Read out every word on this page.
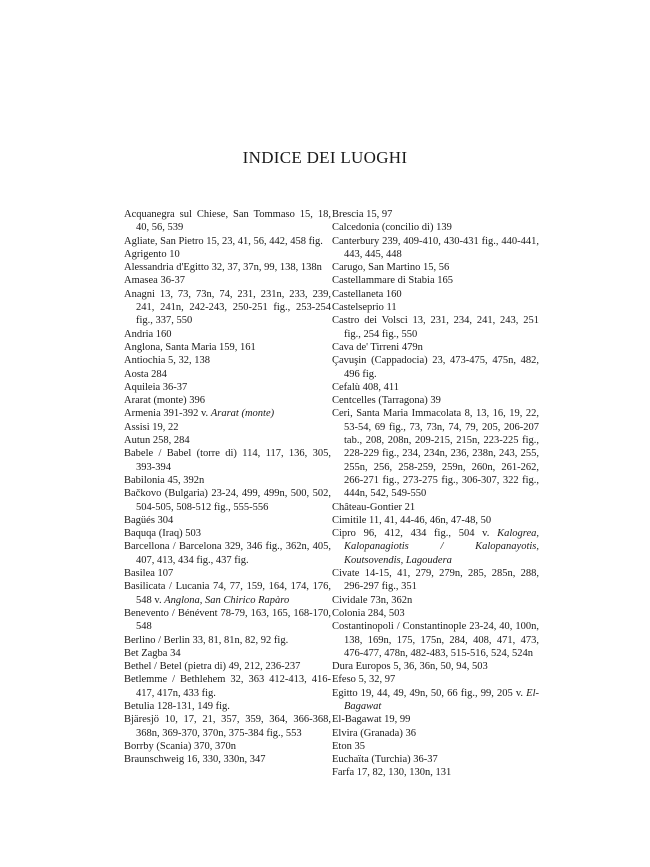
INDICE DEI LUOGHI
Acquanegra sul Chiese, San Tommaso 15, 18, 40, 56, 539
Agliate, San Pietro 15, 23, 41, 56, 442, 458 fig.
Agrigento 10
Alessandria d'Egitto 32, 37, 37n, 99, 138, 138n
Amasea 36-37
Anagni 13, 73, 73n, 74, 231, 231n, 233, 239, 241, 241n, 242-243, 250-251 fig., 253-254 fig., 337, 550
Andria 160
Anglona, Santa Maria 159, 161
Antiochia 5, 32, 138
Aosta 284
Aquileia 36-37
Ararat (monte) 396
Armenia 391-392 v. Ararat (monte)
Assisi 19, 22
Autun 258, 284
Babele / Babel (torre di) 114, 117, 136, 305, 393-394
Babilonia 45, 392n
Bačkovo (Bulgaria) 23-24, 499, 499n, 500, 502, 504-505, 508-512 fig., 555-556
Bagüés 304
Baquqa (Iraq) 503
Barcellona / Barcelona 329, 346 fig., 362n, 405, 407, 413, 434 fig., 437 fig.
Basilea 107
Basilicata / Lucania 74, 77, 159, 164, 174, 176, 548 v. Anglona, San Chirico Rapàro
Benevento / Bénévent 78-79, 163, 165, 168-170, 548
Berlino / Berlin 33, 81, 81n, 82, 92 fig.
Bet Zagba 34
Bethel / Betel (pietra di) 49, 212, 236-237
Betlemme / Bethlehem 32, 363 412-413, 416-417, 417n, 433 fig.
Betulia 128-131, 149 fig.
Bjäresjö 10, 17, 21, 357, 359, 364, 366-368, 368n, 369-370, 370n, 375-384 fig., 553
Borrby (Scania) 370, 370n
Braunschweig 16, 330, 330n, 347
Brescia 15, 97
Calcedonia (concilio di) 139
Canterbury 239, 409-410, 430-431 fig., 440-441, 443, 445, 448
Carugo, San Martino 15, 56
Castellammare di Stabia 165
Castellaneta 160
Castelseprio 11
Castro dei Volsci 13, 231, 234, 241, 243, 251 fig., 254 fig., 550
Cava de' Tirreni 479n
Çavuşin (Cappadocia) 23, 473-475, 475n, 482, 496 fig.
Cefalù 408, 411
Centcelles (Tarragona) 39
Ceri, Santa Maria Immacolata 8, 13, 16, 19, 22, 53-54, 69 fig., 73, 73n, 74, 79, 205, 206-207 tab., 208, 208n, 209-215, 215n, 223-225 fig., 228-229 fig., 234, 234n, 236, 238n, 243, 255, 255n, 256, 258-259, 259n, 260n, 261-262, 266-271 fig., 273-275 fig., 306-307, 322 fig., 444n, 542, 549-550
Château-Gontier 21
Cimitile 11, 41, 44-46, 46n, 47-48, 50
Cipro 96, 412, 434 fig., 504 v. Kalogrea, Kalopanagiotis / Kalopanayotis, Koutsovendis, Lagoudera
Civate 14-15, 41, 279, 279n, 285, 285n, 288, 296-297 fig., 351
Cividale 73n, 362n
Colonia 284, 503
Costantinopoli / Constantinople 23-24, 40, 100n, 138, 169n, 175, 175n, 284, 408, 471, 473, 476-477, 478n, 482-483, 515-516, 524, 524n
Dura Europos 5, 36, 36n, 50, 94, 503
Efeso 5, 32, 97
Egitto 19, 44, 49, 49n, 50, 66 fig., 99, 205 v. El-Bagawat
El-Bagawat 19, 99
Elvira (Granada) 36
Eton 35
Euchaïta (Turchia) 36-37
Farfa 17, 82, 130, 130n, 131
